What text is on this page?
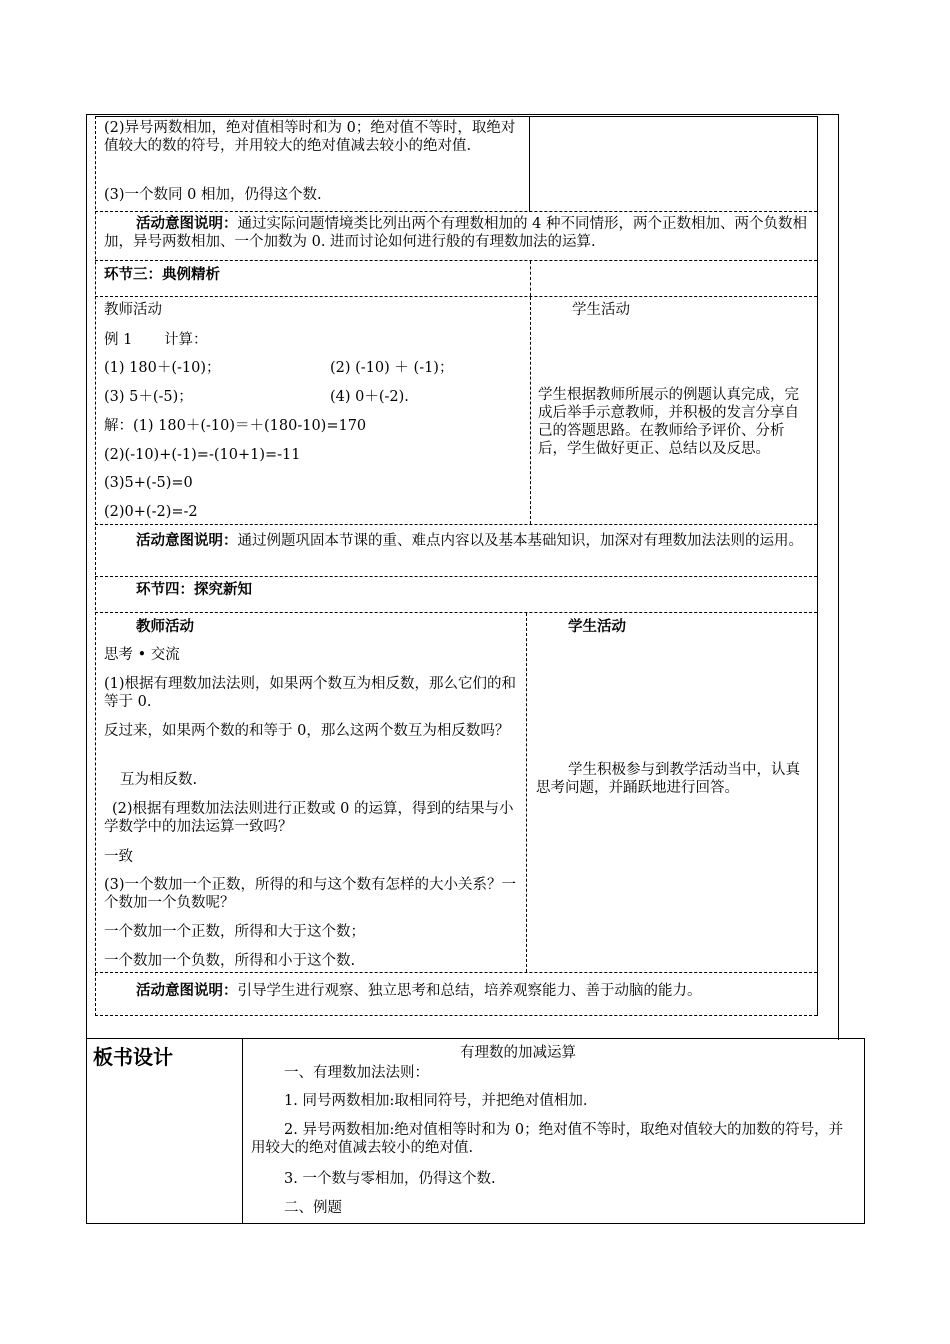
(2)异号两数相加，绝对值相等时和为 0；绝对值不等时，取绝对值较大的数的符号，并用较大的绝对值减去较小的绝对值.
(3)一个数同 0 相加，仍得这个数.
活动意图说明：通过实际问题情境类比列出两个有理数相加的 4 种不同情形，两个正数相加、两个负数相加，异号两数相加、一个加数为 0. 进而讨论如何进行般的有理数加法的运算.
环节三：典例精析
教师活动	学生活动
例 1 计算：
(1) 180＋(-10)；	(2) (-10) ＋ (-1)；
(3) 5＋(-5)；	(4) 0＋(-2).
解：(1) 180＋(-10)＝＋(180-10)=170
(2)(-10)+(-1)=-(10+1)=-11
(3)5+(-5)=0
(2)0+(-2)=-2
学生根据教师所展示的例题认真完成，完成后举手示意教师，并积极的发言分享自己的答题思路。在教师给予评价、分析后，学生做好更正、总结以及反思。
活动意图说明：通过例题巩固本节课的重、难点内容以及基本基础知识，加深对有理数加法法则的运用。
环节四：探究新知
教师活动	学生活动
思考 • 交流
(1)根据有理数加法法则，如果两个数互为相反数，那么它们的和等于 0.
反过来，如果两个数的和等于 0，那么这两个数互为相反数吗？
互为相反数.
(2)根据有理数加法法则进行正数或 0 的运算，得到的结果与小学数学中的加法运算一致吗？
一致
(3)一个数加一个正数，所得的和与这个数有怎样的大小关系？一个数加一个负数呢？
一个数加一个正数，所得和大于这个数；
一个数加一个负数，所得和小于这个数.
学生积极参与到教学活动当中，认真思考问题，并踊跃地进行回答。
活动意图说明：引导学生进行观察、独立思考和总结，培养观察能力、善于动脑的能力。
板书设计	有理数的加减运算
一、有理数加法法则：
1. 同号两数相加:取相同符号，并把绝对值相加.
2. 异号两数相加:绝对值相等时和为 0；绝对值不等时，取绝对值较大的加数的符号，并用较大的绝对值减去较小的绝对值.
3. 一个数与零相加，仍得这个数.
二、例题
